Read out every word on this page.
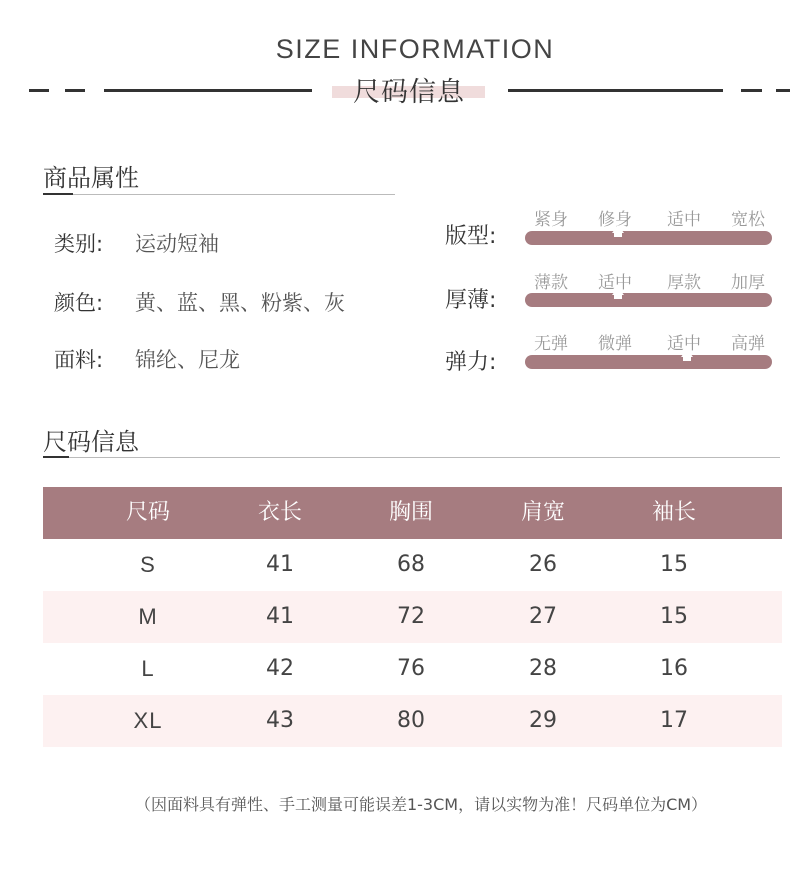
SIZE INFORMATION
尺码信息
商品属性
类别: 运动短袖
颜色: 黄、蓝、黑、粉紫、灰
面料: 锦纶、尼龙
版型:
紧身	修身	适中	宽松
厚薄:
薄款	适中	厚款	加厚
弹力:
无弹	微弹	适中	高弹
尺码信息
尺码	衣长	胸围	肩宽	袖长
S	41	68	26	15
M	41	72	27	15
L	42	76	28	16
XL	43	80	29	17
（因面料具有弹性、手工测量可能误差1-3CM，请以实物为准！尺码单位为CM）
